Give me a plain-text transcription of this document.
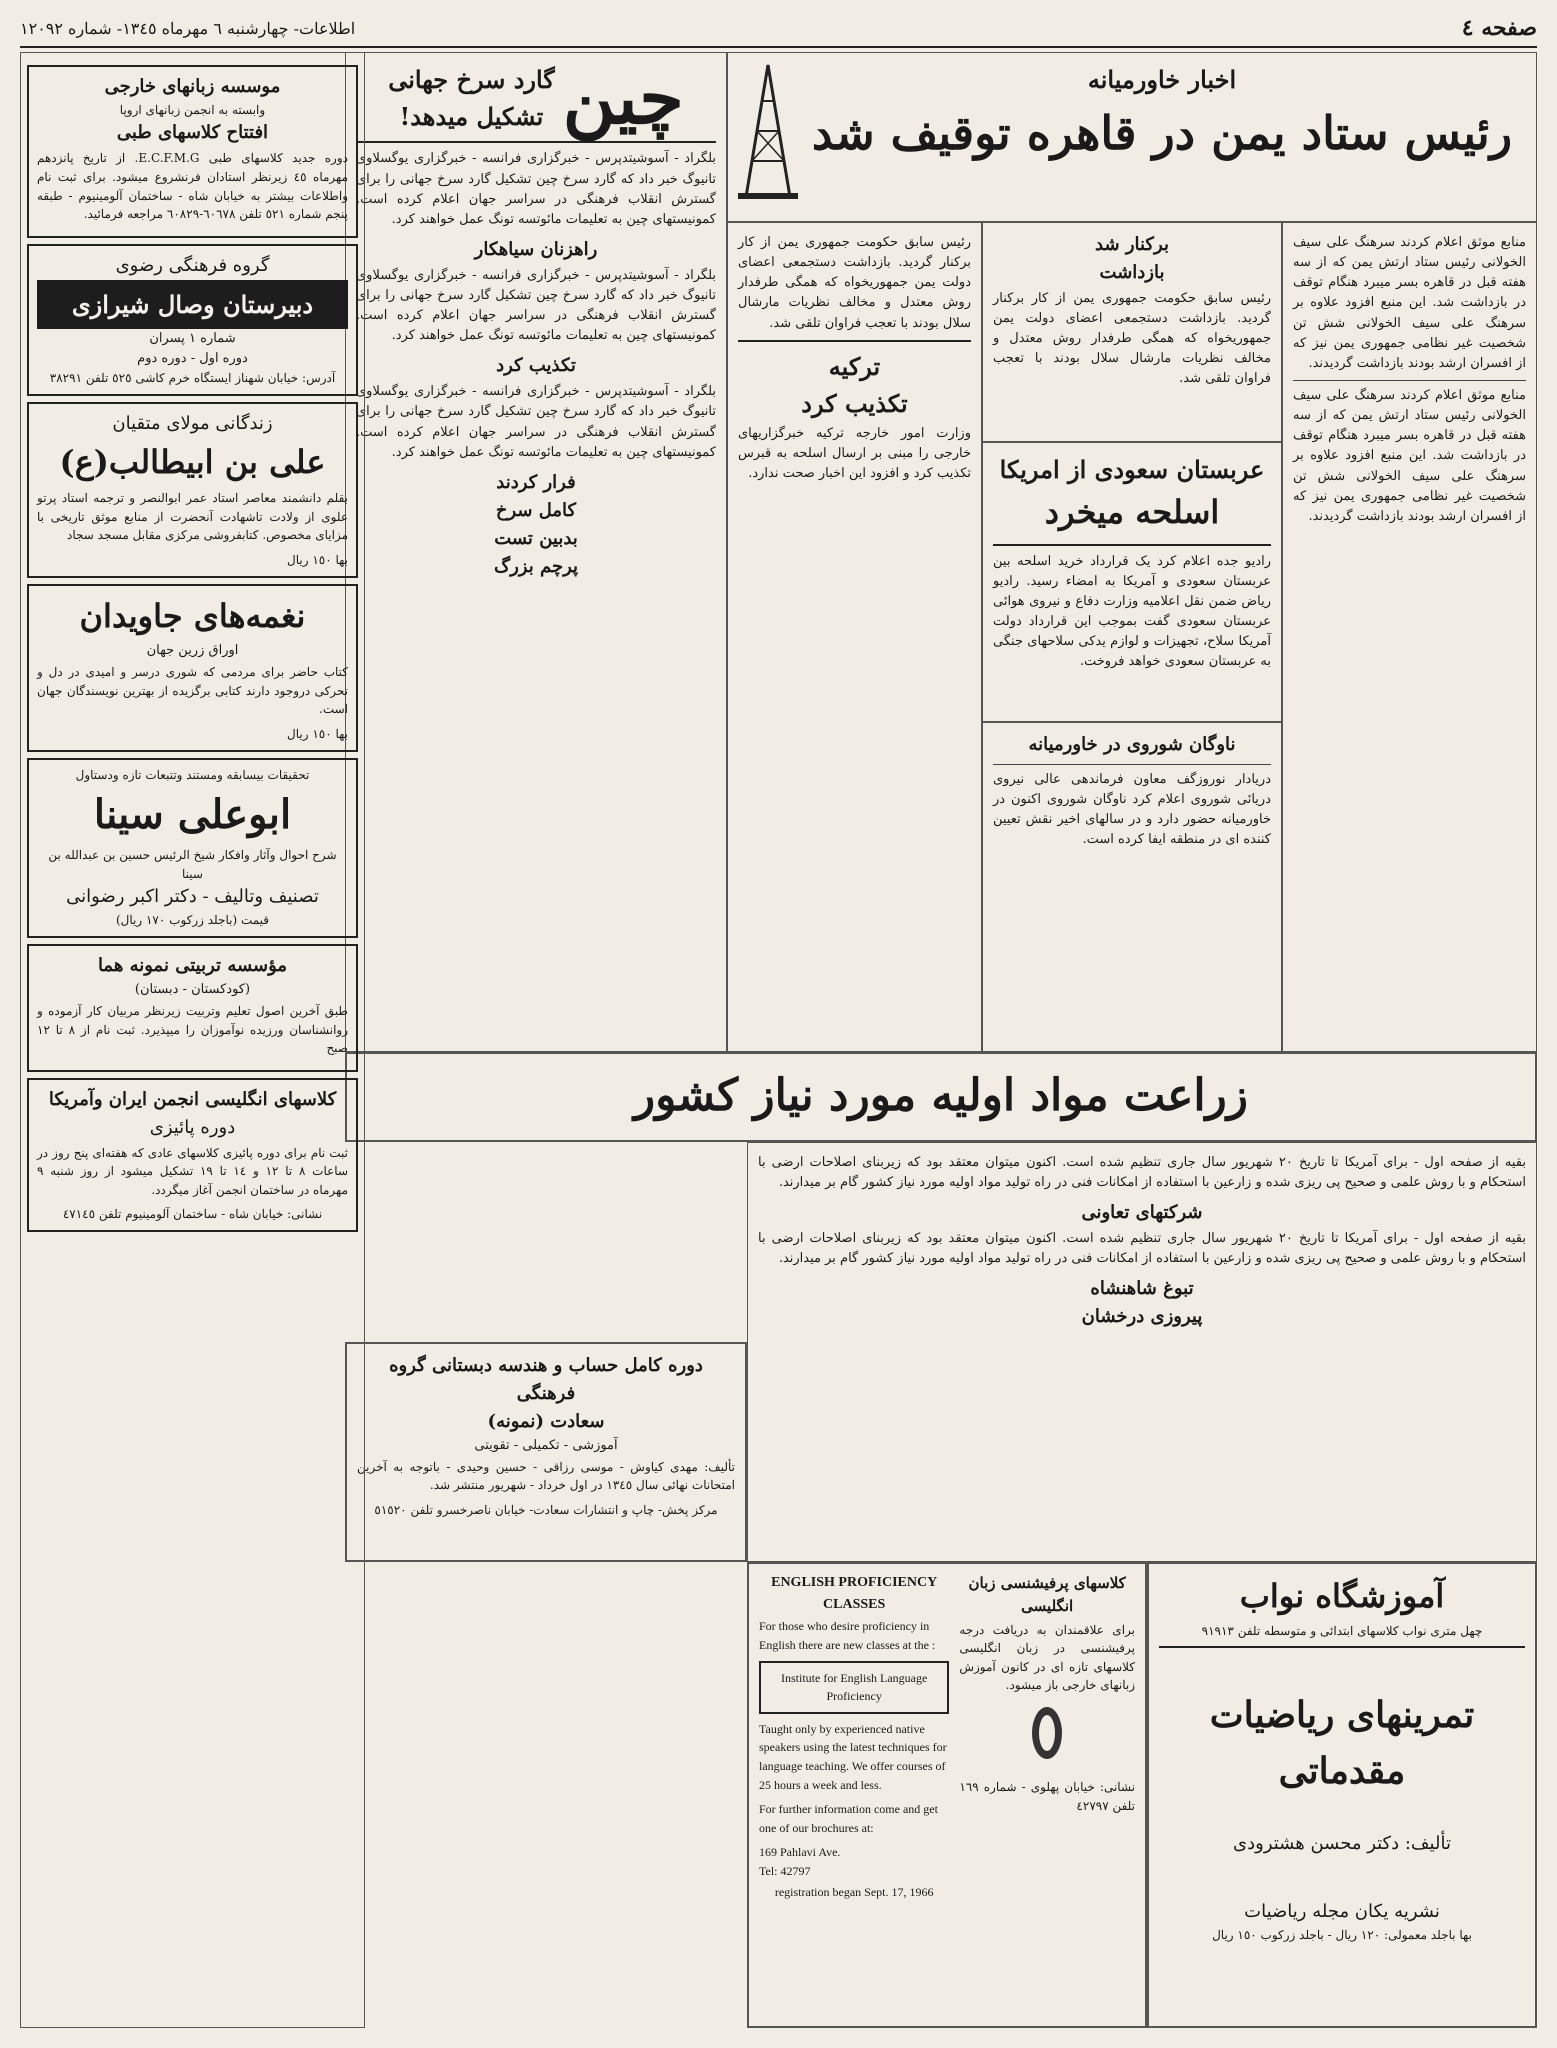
صفحه ٤
اطلاعات- چهارشنبه ٦ مهرماه ١٣٤٥- شماره ١٢٠٩٢
اخبار خاورمیانه
رئیس ستاد یمن در قاهره توقیف شد

منابع موثق اعلام کردند سرهنگ علی سیف الخولانی رئیس ستاد ارتش یمن که از سه هفته قبل در قاهره بسر میبرد هنگام توقف در بازداشت شد. این منبع افزود علاوه بر سرهنگ علی سیف الخولانی شش تن شخصیت غیر نظامی جمهوری یمن نیز که از افسران ارشد بودند بازداشت گردیدند.

منابع موثق اعلام کردند سرهنگ علی سیف الخولانی رئیس ستاد ارتش یمن که از سه هفته قبل در قاهره بسر میبرد هنگام توقف در بازداشت شد. این منبع افزود علاوه بر سرهنگ علی سیف الخولانی شش تن شخصیت غیر نظامی جمهوری یمن نیز که از افسران ارشد بودند بازداشت گردیدند.

برکنار شد
بازداشت

رئیس سابق حکومت جمهوری یمن از کار برکنار گردید. بازداشت دستجمعی اعضای دولت یمن جمهوریخواه که همگی طرفدار روش معتدل و مخالف نظریات مارشال سلال بودند با تعجب فراوان تلقی شد.

عربستان سعودی از امریکا
اسلحه میخرد

رادیو جده اعلام کرد یک قرارداد خرید اسلحه بین عربستان سعودی و آمریکا به امضاء رسید. رادیو ریاض ضمن نقل اعلامیه وزارت دفاع و نیروی هوائی عربستان سعودی گفت بموجب این قرارداد دولت آمریکا سلاح، تجهیزات و لوازم یدکی سلاحهای جنگی به عربستان سعودی خواهد فروخت.

ناوگان شوروی در خاورمیانه

دریادار نوروزگف معاون فرماندهی عالی نیروی دریائی شوروی اعلام کرد ناوگان شوروی اکنون در خاورمیانه حضور دارد و در سالهای اخیر نقش تعیین کننده ای در منطقه ایفا کرده است.

رئیس سابق حکومت جمهوری یمن از کار برکنار گردید. بازداشت دستجمعی اعضای دولت یمن جمهوریخواه که همگی طرفدار روش معتدل و مخالف نظریات مارشال سلال بودند با تعجب فراوان تلقی شد.

ترکیه
تکذیب کرد

وزارت امور خارجه ترکیه خبرگزاریهای خارجی را مبنی بر ارسال اسلحه به قبرس تکذیب کرد و افزود این اخبار صحت ندارد.

چین
گارد سرخ جهانی
تشکیل میدهد!

بلگراد - آسوشیتدپرس - خبرگزاری فرانسه - خبرگزاری یوگسلاوی تانیوگ خبر داد که گارد سرخ چین تشکیل گارد سرخ جهانی را برای گسترش انقلاب فرهنگی در سراسر جهان اعلام کرده است. کمونیستهای چین به تعلیمات مائوتسه تونگ عمل خواهند کرد.

راهزنان سیاهکار

بلگراد - آسوشیتدپرس - خبرگزاری فرانسه - خبرگزاری یوگسلاوی تانیوگ خبر داد که گارد سرخ چین تشکیل گارد سرخ جهانی را برای گسترش انقلاب فرهنگی در سراسر جهان اعلام کرده است. کمونیستهای چین به تعلیمات مائوتسه تونگ عمل خواهند کرد.

تکذیب کرد

بلگراد - آسوشیتدپرس - خبرگزاری فرانسه - خبرگزاری یوگسلاوی تانیوگ خبر داد که گارد سرخ چین تشکیل گارد سرخ جهانی را برای گسترش انقلاب فرهنگی در سراسر جهان اعلام کرده است. کمونیستهای چین به تعلیمات مائوتسه تونگ عمل خواهند کرد.

فرار کردند
کامل سرخ
بدبین تست
پرچم بزرگ
زراعت مواد اولیه مورد نیاز کشور

بقیه از صفحه اول - برای آمریکا تا تاریخ ٢٠ شهریور سال جاری تنظیم شده است. اکنون میتوان معتقد بود که زیربنای اصلاحات ارضی با استحکام و با روش علمی و صحیح پی ریزی شده و زارعین با استفاده از امکانات فنی در راه تولید مواد اولیه مورد نیاز کشور گام بر میدارند.

شرکتهای تعاونی

بقیه از صفحه اول - برای آمریکا تا تاریخ ٢٠ شهریور سال جاری تنظیم شده است. اکنون میتوان معتقد بود که زیربنای اصلاحات ارضی با استحکام و با روش علمی و صحیح پی ریزی شده و زارعین با استفاده از امکانات فنی در راه تولید مواد اولیه مورد نیاز کشور گام بر میدارند.

تبوغ شاهنشاه
پیروزی درخشان
دوره کامل حساب و هندسه دبستانی گروه فرهنگی
سعادت (نمونه)
آموزشی - تکمیلی - تقویتی

تألیف: مهدی کیاوش - موسی رزاقی - حسین وحیدی - باتوجه به آخرین امتحانات نهائی سال ١٣٤٥ در اول خرداد - شهریور منتشر شد.

مرکز پخش- چاپ و انتشارات سعادت- خیابان ناصرخسرو تلفن ٥١٥٢٠
کلاسهای پرفیشنسی زبان انگلیسی

برای علاقمندان به دریافت درجه پرفیشنسی در زبان انگلیسی کلاسهای تازه ای در کانون آموزش زبانهای خارجی باز میشود.

نشانی: خیابان پهلوی - شماره ١٦٩ تلفن ٤٢٧٩٧

ENGLISH PROFICIENCY CLASSES

For those who desire proficiency in English there are new classes at the :

Institute for English Language Proficiency

Taught only by experienced native speakers using the latest techniques for language teaching. We offer courses of 25 hours a week and less.

For further information come and get one of our brochures at:

169 Pahlavi Ave.
Tel: 42797

registration began Sept. 17, 1966

آموزشگاه نواب
چهل متری نواب کلاسهای ابتدائی و متوسطه تلفن ٩١٩١٣
تمرینهای ریاضیات مقدماتی
تألیف: دکتر محسن هشترودی
نشریه یکان مجله ریاضیات
بها باجلد معمولی: ١٢٠ ریال - باجلد زرکوب ١٥٠ ریال
موسسه زبانهای خارجی
وابسته به انجمن زبانهای اروپا
افتتاح کلاسهای طبی

دوره جدید کلاسهای طبی E.C.F.M.G. از تاریخ پانزدهم مهرماه ٤٥ زیرنظر استادان فرنشروع میشود. برای ثبت نام واطلاعات بیشتر به خیابان شاه - ساختمان آلومینیوم - طبقه پنجم شماره ٥٢١ تلفن ٦٠٦٧٨-٦٠٨٢٩ مراجعه فرمائید.

گروه فرهنگی رضوی
دبیرستان وصال شیرازی
شماره ١ پسران
دوره اول - دوره دوم
آدرس: خیابان شهناز ایستگاه خرم کاشی ٥٢٥ تلفن ٣٨٢٩١
زندگانی مولای متقیان
علی بن ابیطالب(ع)

بقلم دانشمند معاصر استاد عمر ابوالنصر و ترجمه استاد پرتو علوی از ولادت تاشهادت آنحضرت از منابع موثق تاریخی با مزایای مخصوص. کتابفروشی مرکزی مقابل مسجد سجاد

بها ١٥٠ ریال
نغمه‌های جاویدان
اوراق زرین جهان

کتاب حاضر برای مردمی که شوری درسر و امیدی در دل و تحرکی دروجود دارند کتابی برگزیده از بهترین نویسندگان جهان است.

بها ١٥٠ ریال
تحقیقات بیسابقه ومستند وتتبعات تازه ودستاول
ابوعلی سینا
شرح احوال وآثار وافکار شیخ الرئیس حسین بن عبدالله بن سینا
تصنیف وتالیف - دکتر اکبر رضوانی
قیمت (باجلد زرکوب ١٧٠ ریال)
مؤسسه تربیتی نمونه هما
(کودکستان - دبستان)

طبق آخرین اصول تعلیم وتربیت زیرنظر مربیان کار آزموده و روانشناسان ورزیده نوآموزان را میپذیرد. ثبت نام از ٨ تا ١٢ صبح

کلاسهای انگلیسی انجمن ایران وآمریکا
دوره پائیزی

ثبت نام برای دوره پائیزی کلاسهای عادی که هفته‌ای پنج روز در ساعات ٨ تا ١٢ و ١٤ تا ١٩ تشکیل میشود از روز شنبه ٩ مهرماه در ساختمان انجمن آغاز میگردد.

نشانی: خیابان شاه - ساختمان آلومینیوم تلفن ٤٧١٤٥
